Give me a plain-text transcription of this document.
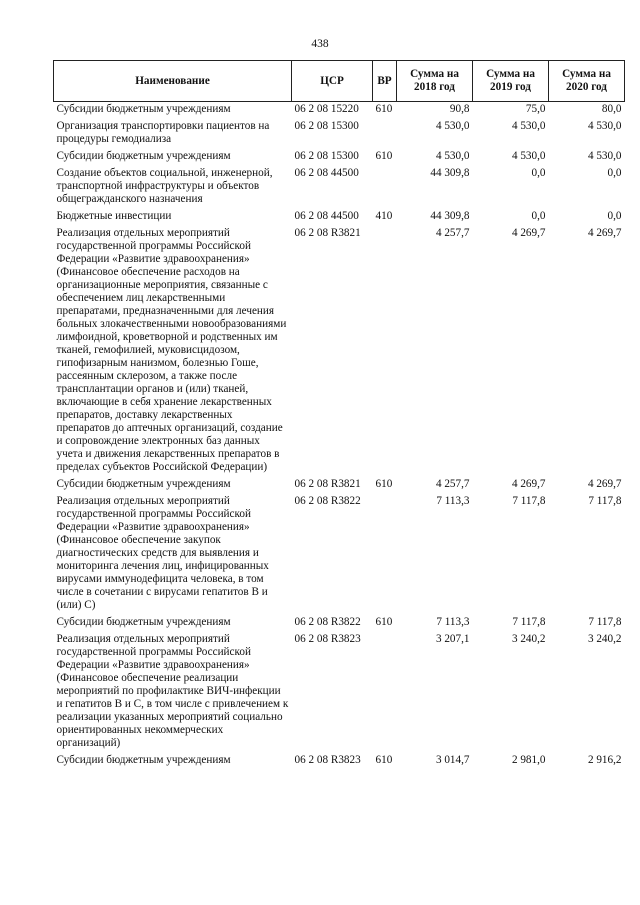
438
Наименование	ЦСР	ВР	Сумма на 2018 год	Сумма на 2019 год	Сумма на 2020 год
Субсидии бюджетным учреждениям	06 2 08 15220	610	90,8	75,0	80,0
Организация транспортировки пациентов на процедуры гемодиализа	06 2 08 15300		4 530,0	4 530,0	4 530,0
Субсидии бюджетным учреждениям	06 2 08 15300	610	4 530,0	4 530,0	4 530,0
Создание объектов социальной, инженерной, транспортной инфраструктуры и объектов общегражданского назначения	06 2 08 44500		44 309,8	0,0	0,0
Бюджетные инвестиции	06 2 08 44500	410	44 309,8	0,0	0,0
Реализация отдельных мероприятий государственной программы Российской Федерации «Развитие здравоохранения» (Финансовое обеспечение расходов на организационные мероприятия, связанные с обеспечением лиц лекарственными препаратами, предназначенными для лечения больных злокачественными новообразованиями лимфоидной, кроветворной и родственных им тканей, гемофилией, муковисцидозом, гипофизарным нанизмом, болезнью Гоше, рассеянным склерозом, а также после трансплантации органов и (или) тканей, включающие в себя хранение лекарственных препаратов, доставку лекарственных препаратов до аптечных организаций, создание и сопровождение электронных баз данных учета и движения лекарственных препаратов в пределах субъектов Российской Федерации)	06 2 08 R3821		4 257,7	4 269,7	4 269,7
Субсидии бюджетным учреждениям	06 2 08 R3821	610	4 257,7	4 269,7	4 269,7
Реализация отдельных мероприятий государственной программы Российской Федерации «Развитие здравоохранения» (Финансовое обеспечение закупок диагностических средств для выявления и мониторинга лечения лиц, инфицированных вирусами иммунодефицита человека, в том числе в сочетании с вирусами гепатитов В и (или) С)	06 2 08 R3822		7 113,3	7 117,8	7 117,8
Субсидии бюджетным учреждениям	06 2 08 R3822	610	7 113,3	7 117,8	7 117,8
Реализация отдельных мероприятий государственной программы Российской Федерации «Развитие здравоохранения» (Финансовое обеспечение реализации мероприятий по профилактике ВИЧ-инфекции и гепатитов В и С, в том числе с привлечением к реализации указанных мероприятий социально ориентированных некоммерческих организаций)	06 2 08 R3823		3 207,1	3 240,2	3 240,2
Субсидии бюджетным учреждениям	06 2 08 R3823	610	3 014,7	2 981,0	2 916,2
